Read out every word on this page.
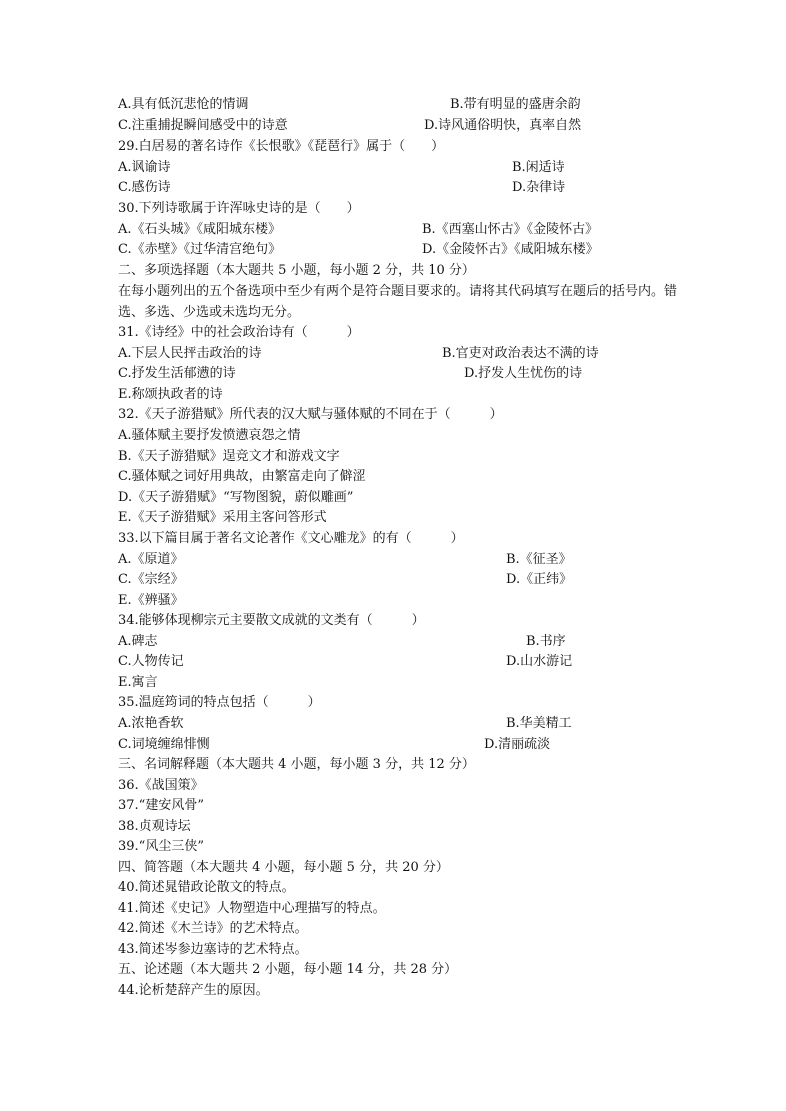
A.具有低沉悲怆的情调	B.带有明显的盛唐余韵
C.注重捕捉瞬间感受中的诗意	D.诗风通俗明快，真率自然
29.白居易的著名诗作《长恨歌》《琵琶行》属于（　　）
A.讽谕诗	B.闲适诗
C.感伤诗	D.杂律诗
30.下列诗歌属于许浑咏史诗的是（　　）
A.《石头城》《咸阳城东楼》	B.《西塞山怀古》《金陵怀古》
C.《赤壁》《过华清宫绝句》	D.《金陵怀古》《咸阳城东楼》
二、多项选择题（本大题共 5 小题，每小题 2 分，共 10 分）
在每小题列出的五个备选项中至少有两个是符合题目要求的。请将其代码填写在题后的括号内。错选、多选、少选或未选均无分。
31.《诗经》中的社会政治诗有（　　　）
A.下层人民抨击政治的诗	B.官吏对政治表达不满的诗
C.抒发生活郁懑的诗	D.抒发人生忧伤的诗
E.称颂执政者的诗
32.《天子游猎赋》所代表的汉大赋与骚体赋的不同在于（　　　）
A.骚体赋主要抒发愤懑哀怨之情
B.《天子游猎赋》逞竞文才和游戏文字
C.骚体赋之词好用典故，由繁富走向了僻涩
D.《天子游猎赋》“写物图貌，蔚似雕画”
E.《天子游猎赋》采用主客问答形式
33.以下篇目属于著名文论著作《文心雕龙》的有（　　　）
A.《原道》	B.《征圣》
C.《宗经》	D.《正纬》
E.《辨骚》
34.能够体现柳宗元主要散文成就的文类有（　　　）
A.碑志	B.书序
C.人物传记	D.山水游记
E.寓言
35.温庭筠词的特点包括（　　　）
A.浓艳香软	B.华美精工
C.词境缠绵悱恻	D.清丽疏淡
三、名词解释题（本大题共 4 小题，每小题 3 分，共 12 分）
36.《战国策》
37.“建安风骨”
38.贞观诗坛
39.“风尘三侠”
四、简答题（本大题共 4 小题，每小题 5 分，共 20 分）
40.简述晁错政论散文的特点。
41.简述《史记》人物塑造中心理描写的特点。
42.简述《木兰诗》的艺术特点。
43.简述岑参边塞诗的艺术特点。
五、论述题（本大题共 2 小题，每小题 14 分，共 28 分）
44.论析楚辞产生的原因。
